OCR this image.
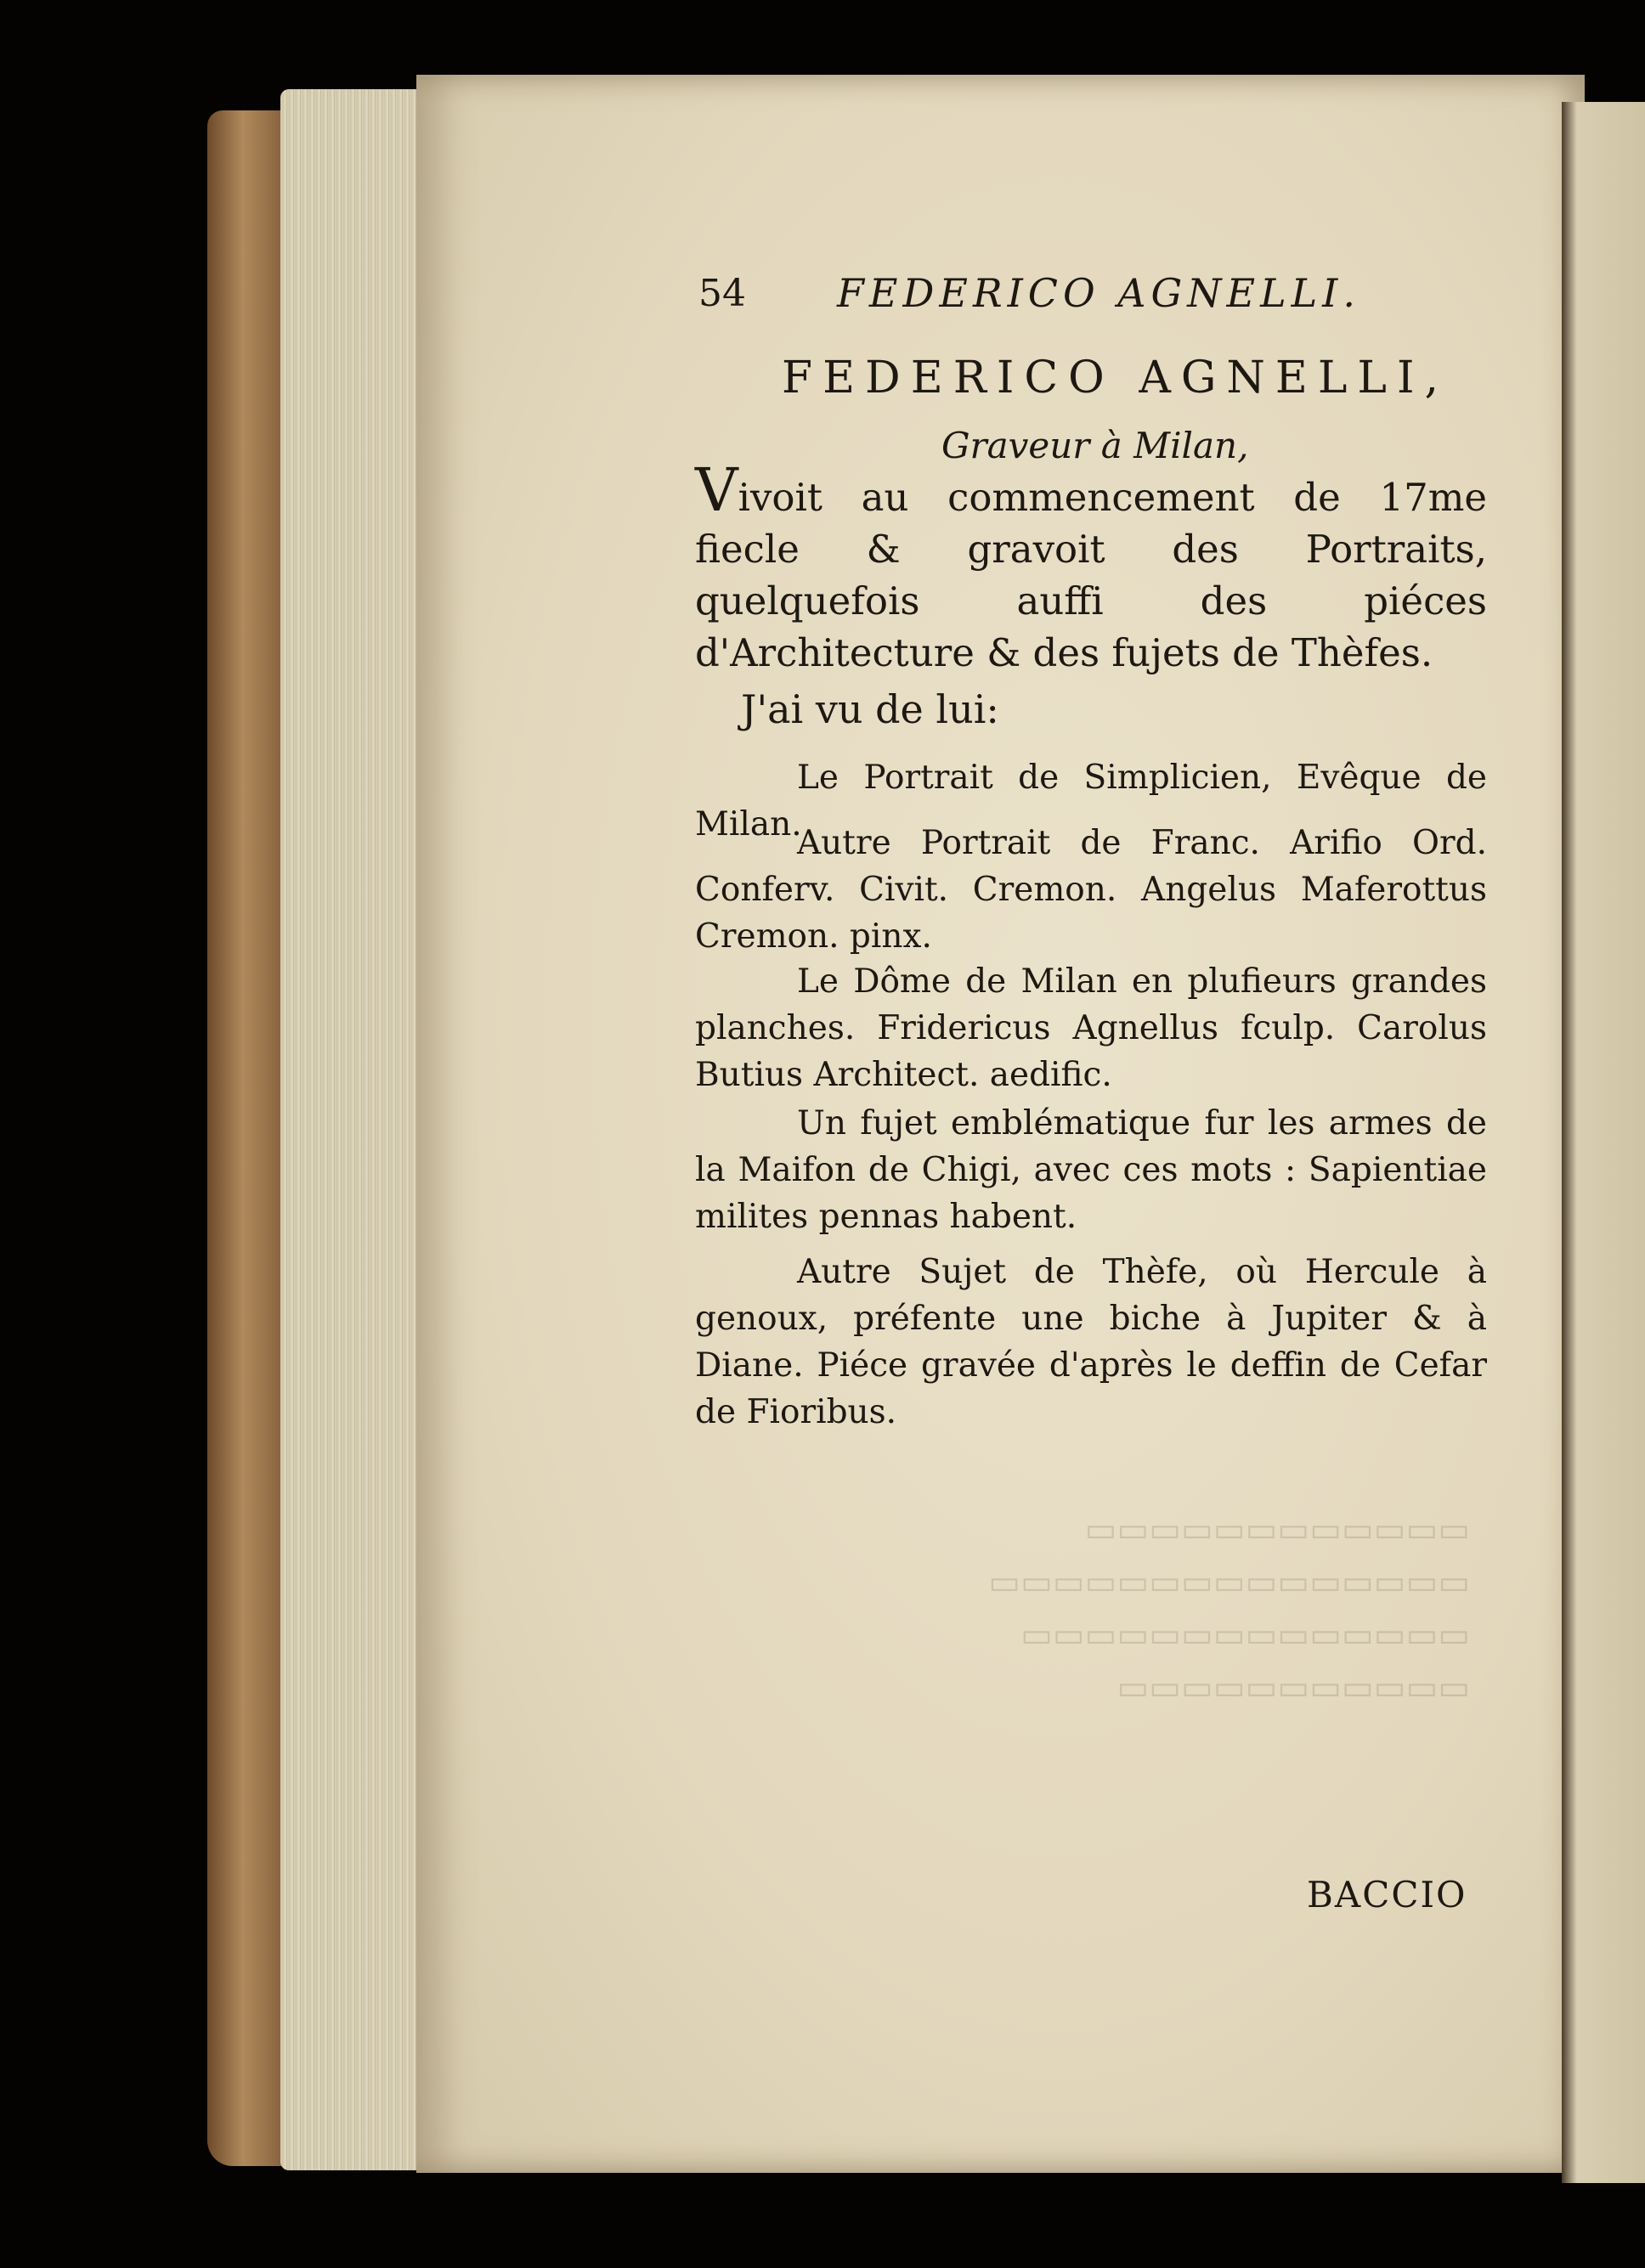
▭▭▭▭▭▭▭▭▭▭▭▭
▭▭▭▭▭▭▭▭▭▭▭▭▭▭▭
▭▭▭▭▭▭▭▭▭▭▭▭▭▭
▭▭▭▭▭▭▭▭▭▭▭
54 FEDERICO AGNELLI.
FEDERICO AGNELLI,
Graveur à Milan,
Vivoit au commencement de 17me fiecle & gravoit des Portraits, quelquefois auffi des piéces d'Architecture & des fujets de Thèfes.
J'ai vu de lui:
Le Portrait de Simplicien, Evêque de Milan.
Autre Portrait de Franc. Arifio Ord. Conferv. Civit. Cremon. Angelus Maferottus Cremon. pinx.
Le Dôme de Milan en plufieurs grandes planches. Fridericus Agnellus fculp. Carolus Butius Architect. aedific.
Un fujet emblématique fur les armes de la Maifon de Chigi, avec ces mots : Sapientiae milites pennas habent.
Autre Sujet de Thèfe, où Hercule à genoux, préfente une biche à Jupiter & à Diane. Piéce gravée d'après le deffin de Cefar de Fioribus.
BACCIO
